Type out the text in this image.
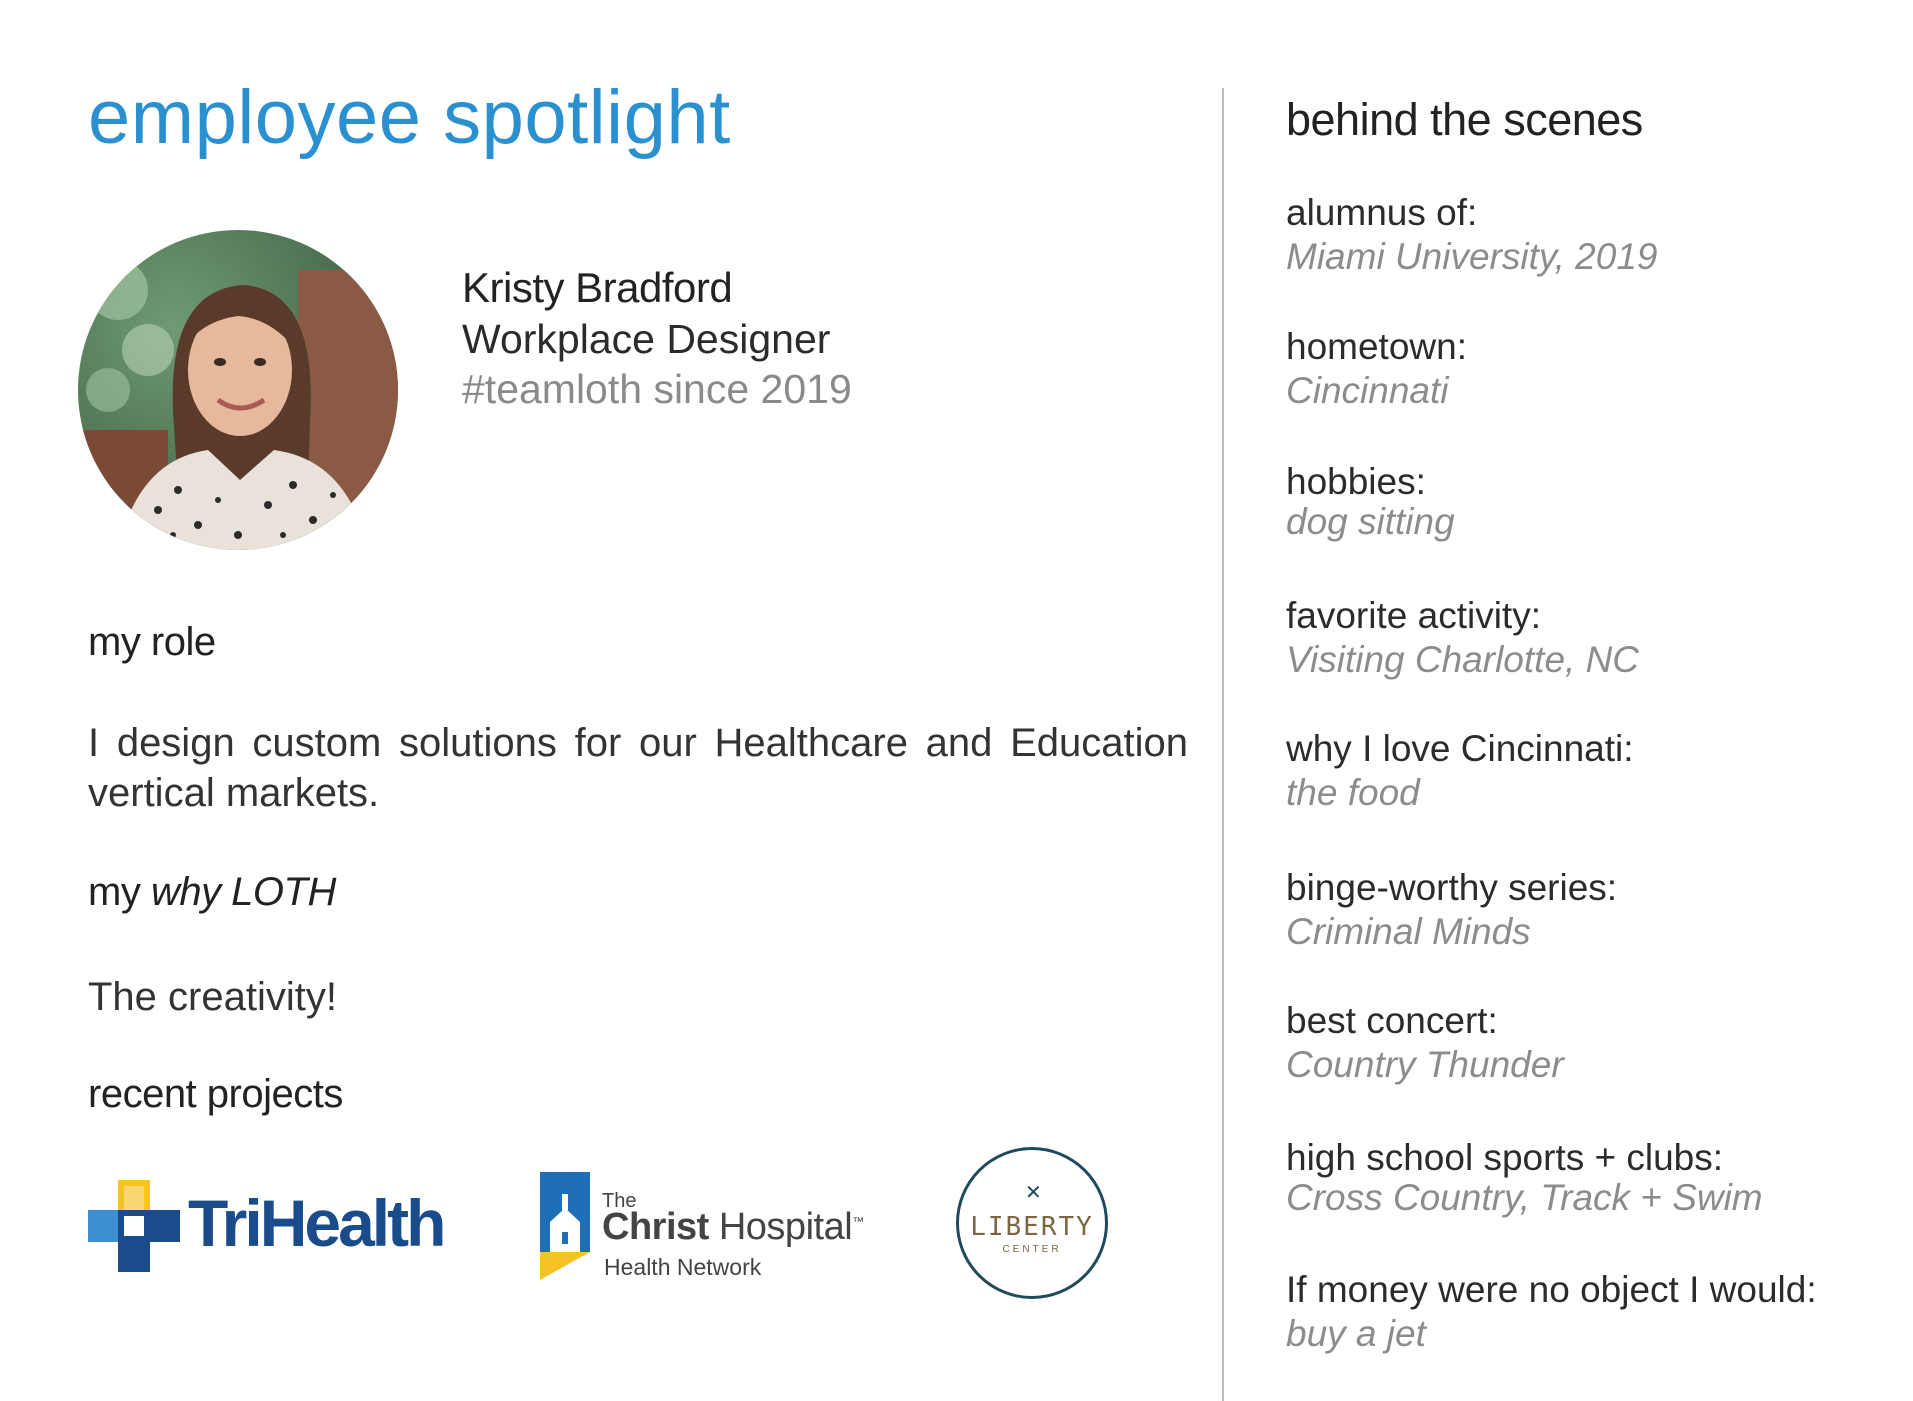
employee spotlight
Kristy Bradford
Workplace Designer
#teamloth since 2019
my role
I design custom solutions for our Healthcare and Education vertical markets.
my why LOTH
The creativity!
recent projects
TriHealth	The
Christ Hospital™
Health Network
✕
LIBERTY
CENTER
behind the scenes
alumnus of:
Miami University, 2019
hometown:
Cincinnati
hobbies:
dog sitting
favorite activity:
Visiting Charlotte, NC
why I love Cincinnati:
the food
binge-worthy series:
Criminal Minds
best concert:
Country Thunder
high school sports + clubs:
Cross Country, Track + Swim
If money were no object I would:
buy a jet
